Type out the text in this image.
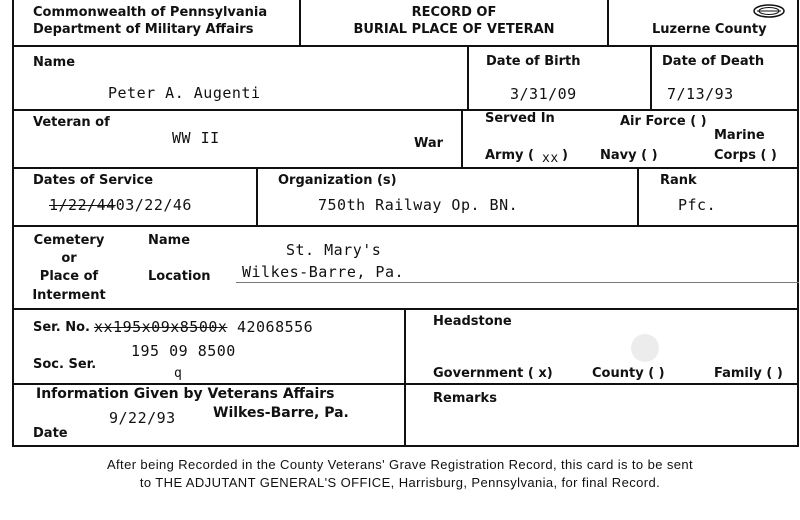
Commonwealth of Pennsylvania
Department of Military Affairs
RECORD OF
BURIAL PLACE OF VETERAN	Luzerne County
Name
Peter A. Augenti
Date of Birth
3/31/09
Date of Death
7/13/93
Veteran of
WW II	War
Served In	Air Force ( )
Army ( xx ) Navy ( )
Marine
Corps ( )
Dates of Service
1/22/4403/22/46
Organization (s)
750th Railway Op. BN.
Rank
Pfc.
Cemetery
or
Place of
Interment
Name
St. Mary's
Location Wilkes-Barre, Pa.
Ser. No. xx195x09x8500x 42068556
Soc. Ser.
195 09 8500
q
Headstone
Government ( x)	County ( )	Family ( )
Information Given by Veterans Affairs
9/22/93	Wilkes-Barre, Pa.
Date
Remarks
After being Recorded in the County Veterans' Grave Registration Record, this card is to be sent
to THE ADJUTANT GENERAL'S OFFICE, Harrisburg, Pennsylvania, for final Record.
